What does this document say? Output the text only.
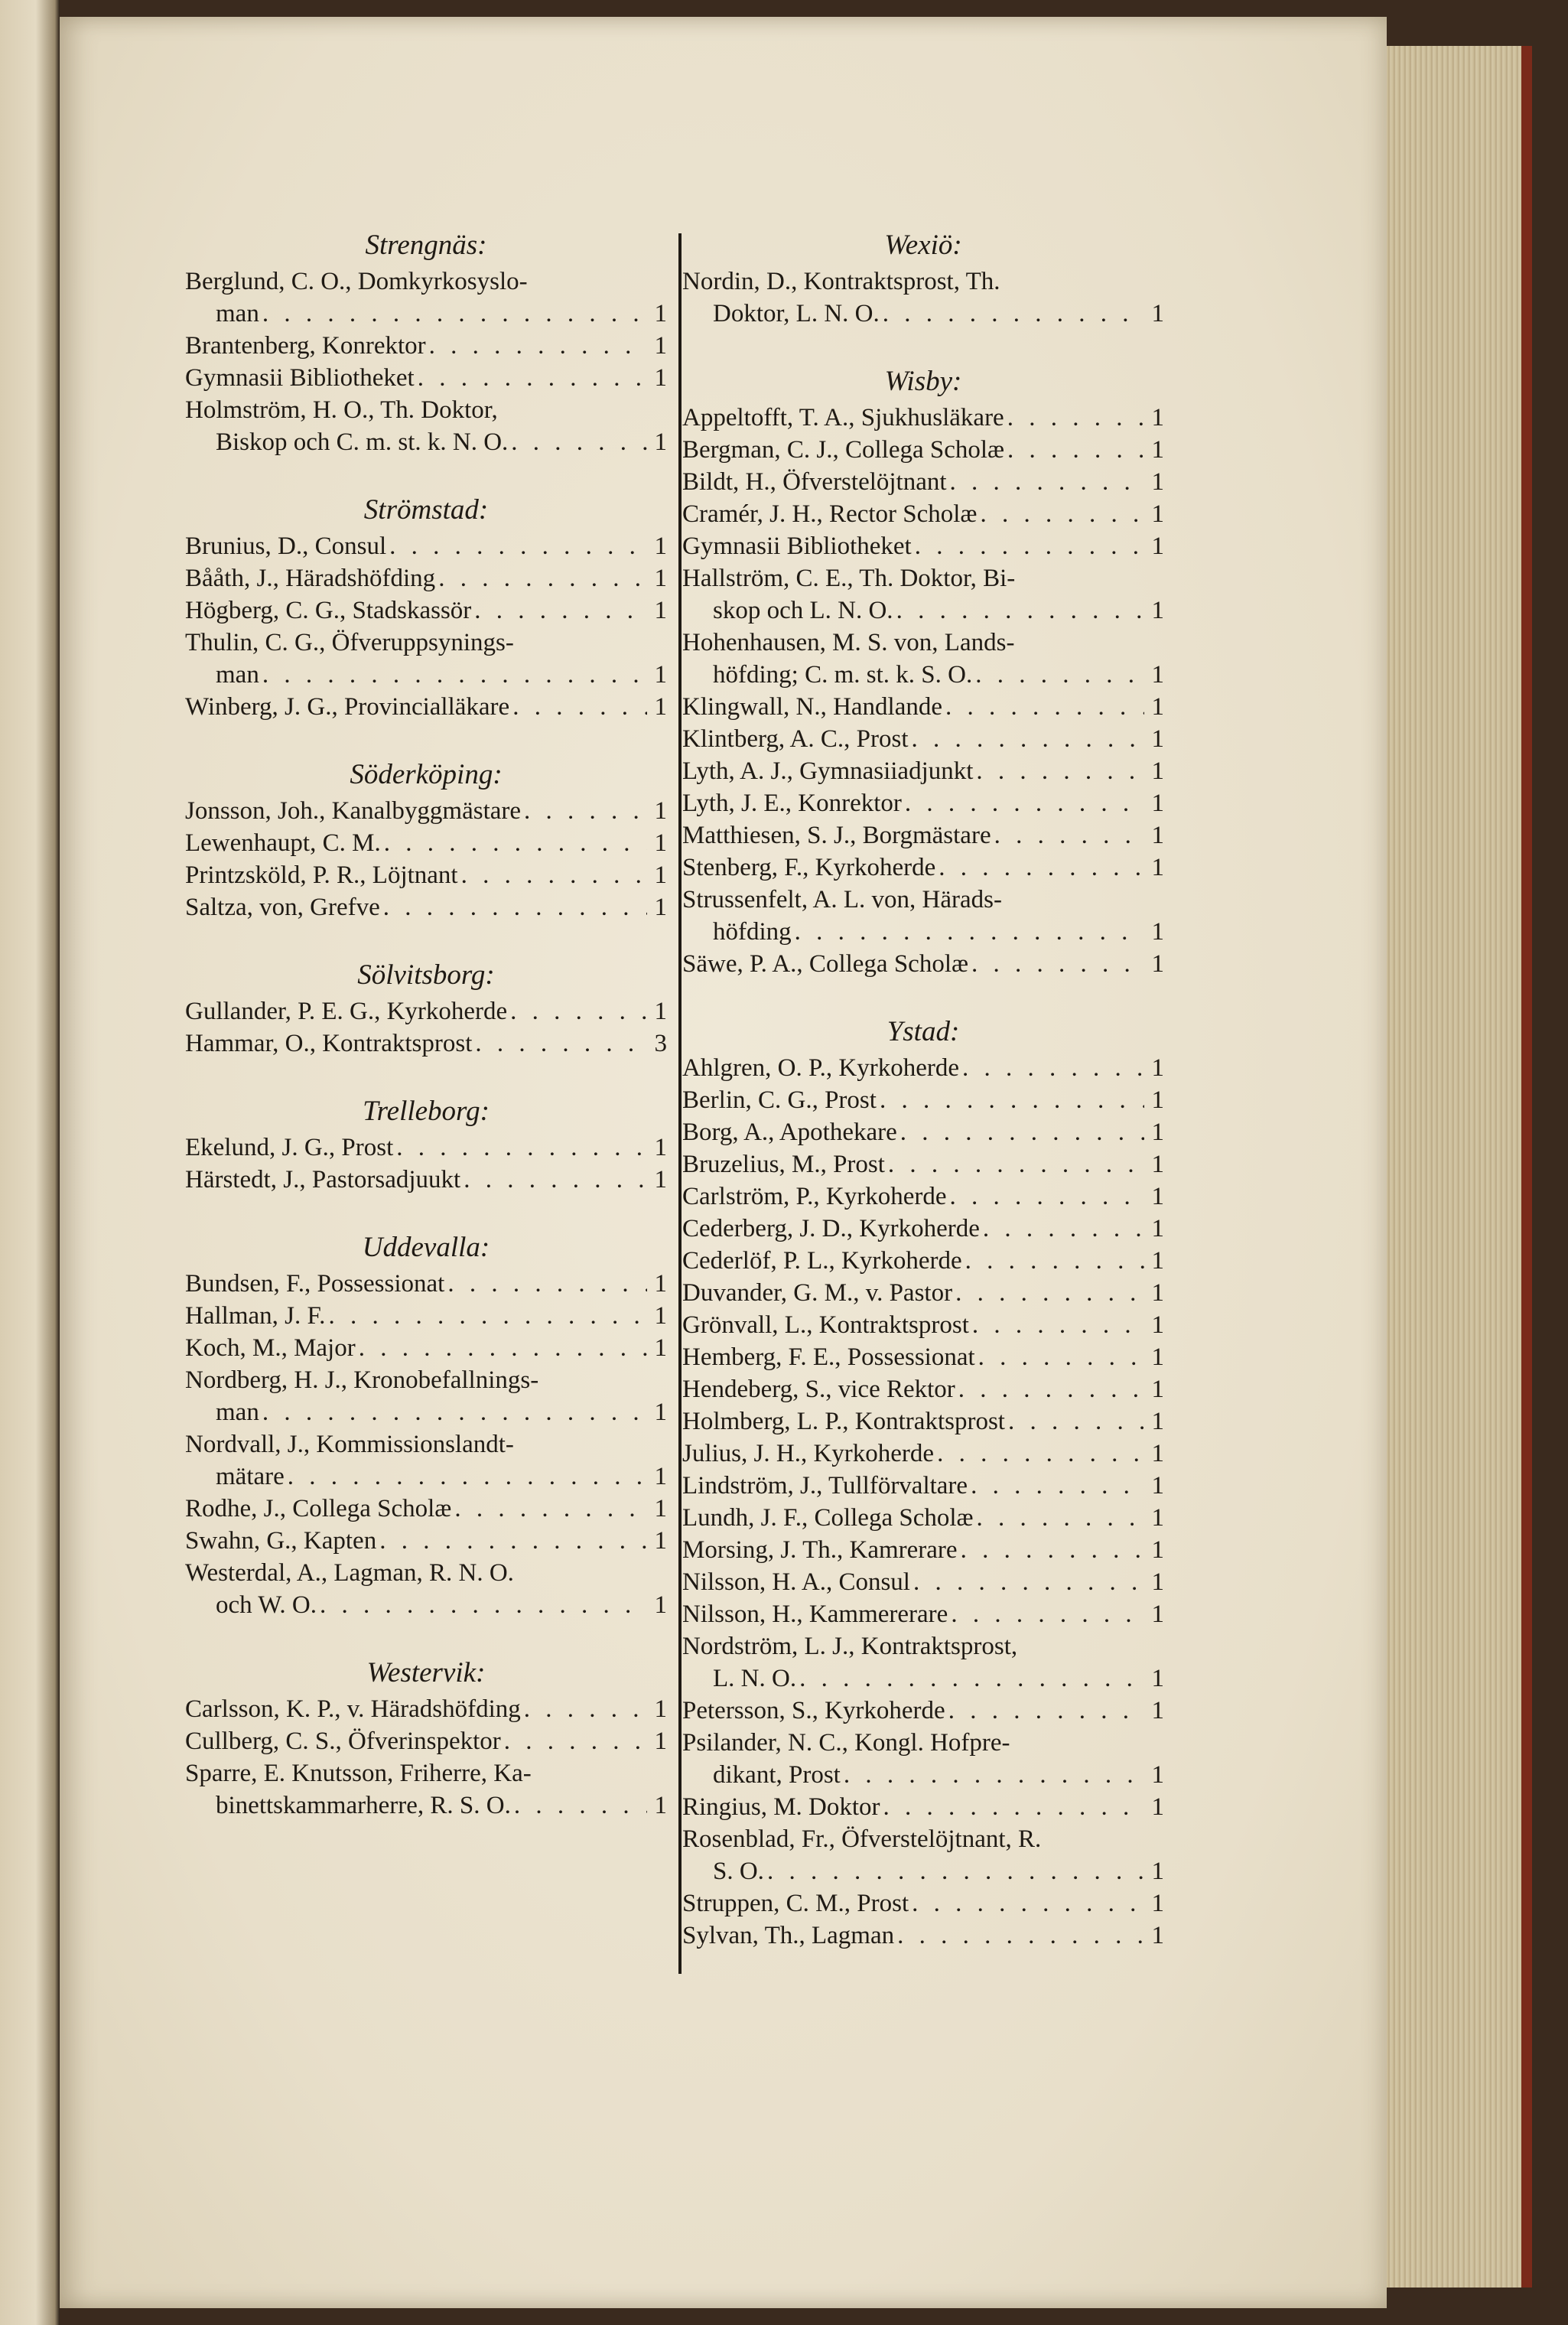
Strengnäs:
Berglund, C. O., Domkyrkosyslo-
man . . .	1
Brantenberg, Konrektor . . .	1
Gymnasii Bibliotheket . . .	1
Holmström, H. O., Th. Doktor,
Biskop och C. m. st. k. N. O. . . .	1
Strömstad:
Brunius, D., Consul . . .	1
Bååth, J., Häradshöfding . . .	1
Högberg, C. G., Stadskassör . . .	1
Thulin, C. G., Öfveruppsynings-
man . . .	1
Winberg, J. G., Provincialläkare . . .	1
Söderköping:
Jonsson, Joh., Kanalbyggmästare . . .	1
Lewenhaupt, C. M. . . .	1
Printzsköld, P. R., Löjtnant . . .	1
Saltza, von, Grefve . . .	1
Sölvitsborg:
Gullander, P. E. G., Kyrkoherde . . .	1
Hammar, O., Kontraktsprost . . .	3
Trelleborg:
Ekelund, J. G., Prost . . .	1
Härstedt, J., Pastorsadjuukt . . .	1
Uddevalla:
Bundsen, F., Possessionat . . .	1
Hallman, J. F. . . .	1
Koch, M., Major . . .	1
Nordberg, H. J., Kronobefallnings-
man . . .	1
Nordvall, J., Kommissionslandt-
mätare . . .	1
Rodhe, J., Collega Scholæ . . .	1
Swahn, G., Kapten . . .	1
Westerdal, A., Lagman, R. N. O.
och W. O. . . .	1
Westervik:
Carlsson, K. P., v. Häradshöfding . . .	1
Cullberg, C. S., Öfverinspektor . . .	1
Sparre, E. Knutsson, Friherre, Ka-
binettskammarherre, R. S. O. . . .	1
Wexiö:
Nordin, D., Kontraktsprost, Th.
Doktor, L. N. O. . . .	1
Wisby:
Appeltofft, T. A., Sjukhusläkare . . .	1
Bergman, C. J., Collega Scholæ . . .	1
Bildt, H., Öfverstelöjtnant . . .	1
Cramér, J. H., Rector Scholæ . . .	1
Gymnasii Bibliotheket . . .	1
Hallström, C. E., Th. Doktor, Bi-
skop och L. N. O. . . .	1
Hohenhausen, M. S. von, Lands-
höfding; C. m. st. k. S. O. . . .	1
Klingwall, N., Handlande . . .	1
Klintberg, A. C., Prost . . .	1
Lyth, A. J., Gymnasiiadjunkt . . .	1
Lyth, J. E., Konrektor . . .	1
Matthiesen, S. J., Borgmästare . . .	1
Stenberg, F., Kyrkoherde . . .	1
Strussenfelt, A. L. von, Härads-
höfding . . .	1
Säwe, P. A., Collega Scholæ . . .	1
Ystad:
Ahlgren, O. P., Kyrkoherde . . .	1
Berlin, C. G., Prost . . .	1
Borg, A., Apothekare . . .	1
Bruzelius, M., Prost . . .	1
Carlström, P., Kyrkoherde . . .	1
Cederberg, J. D., Kyrkoherde . . .	1
Cederlöf, P. L., Kyrkoherde . . .	1
Duvander, G. M., v. Pastor . . .	1
Grönvall, L., Kontraktsprost . . .	1
Hemberg, F. E., Possessionat . . .	1
Hendeberg, S., vice Rektor . . .	1
Holmberg, L. P., Kontraktsprost . . .	1
Julius, J. H., Kyrkoherde . . .	1
Lindström, J., Tullförvaltare . . .	1
Lundh, J. F., Collega Scholæ . . .	1
Morsing, J. Th., Kamrerare . . .	1
Nilsson, H. A., Consul . . .	1
Nilsson, H., Kammererare . . .	1
Nordström, L. J., Kontraktsprost,
L. N. O. . . .	1
Petersson, S., Kyrkoherde . . .	1
Psilander, N. C., Kongl. Hofpre-
dikant, Prost . . .	1
Ringius, M. Doktor . . .	1
Rosenblad, Fr., Öfverstelöjtnant, R.
S. O. . . .	1
Struppen, C. M., Prost . . .	1
Sylvan, Th., Lagman . . .	1
